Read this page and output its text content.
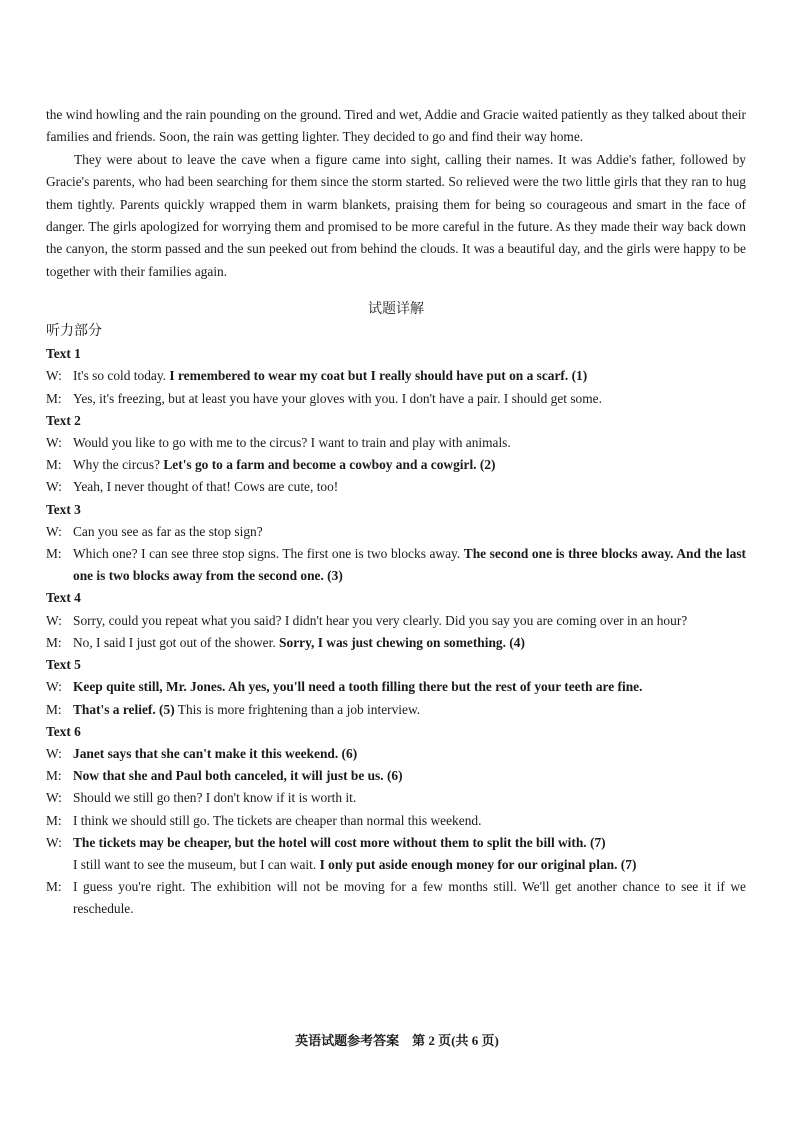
the wind howling and the rain pounding on the ground. Tired and wet, Addie and Gracie waited patiently as they talked about their families and friends. Soon, the rain was getting lighter. They decided to go and find their way home.

They were about to leave the cave when a figure came into sight, calling their names. It was Addie's father, followed by Gracie's parents, who had been searching for them since the storm started. So relieved were the two little girls that they ran to hug them tightly. Parents quickly wrapped them in warm blankets, praising them for being so courageous and smart in the face of danger. The girls apologized for worrying them and promised to be more careful in the future. As they made their way back down the canyon, the storm passed and the sun peeked out from behind the clouds. It was a beautiful day, and the girls were happy to be together with their families again.

试题详解

听力部分

Text 1

W: It's so cold today. I remembered to wear my coat but I really should have put on a scarf. (1)

M: Yes, it's freezing, but at least you have your gloves with you. I don't have a pair. I should get some.

Text 2

W: Would you like to go with me to the circus? I want to train and play with animals.

M: Why the circus? Let's go to a farm and become a cowboy and a cowgirl. (2)

W: Yeah, I never thought of that! Cows are cute, too!

Text 3

W: Can you see as far as the stop sign?

M: Which one? I can see three stop signs. The first one is two blocks away. The second one is three blocks away. And the last one is two blocks away from the second one. (3)

Text 4

W: Sorry, could you repeat what you said? I didn't hear you very clearly. Did you say you are coming over in an hour?

M: No, I said I just got out of the shower. Sorry, I was just chewing on something. (4)

Text 5

W: Keep quite still, Mr. Jones. Ah yes, you'll need a tooth filling there but the rest of your teeth are fine.

M: That's a relief. (5) This is more frightening than a job interview.

Text 6

W: Janet says that she can't make it this weekend. (6)

M: Now that she and Paul both canceled, it will just be us. (6)

W: Should we still go then? I don't know if it is worth it.

M: I think we should still go. The tickets are cheaper than normal this weekend.

W: The tickets may be cheaper, but the hotel will cost more without them to split the bill with. (7)

I still want to see the museum, but I can wait. I only put aside enough money for our original plan. (7)

M: I guess you're right. The exhibition will not be moving for a few months still. We'll get another chance to see it if we reschedule.

英语试题参考答案　第 2 页(共 6 页)
